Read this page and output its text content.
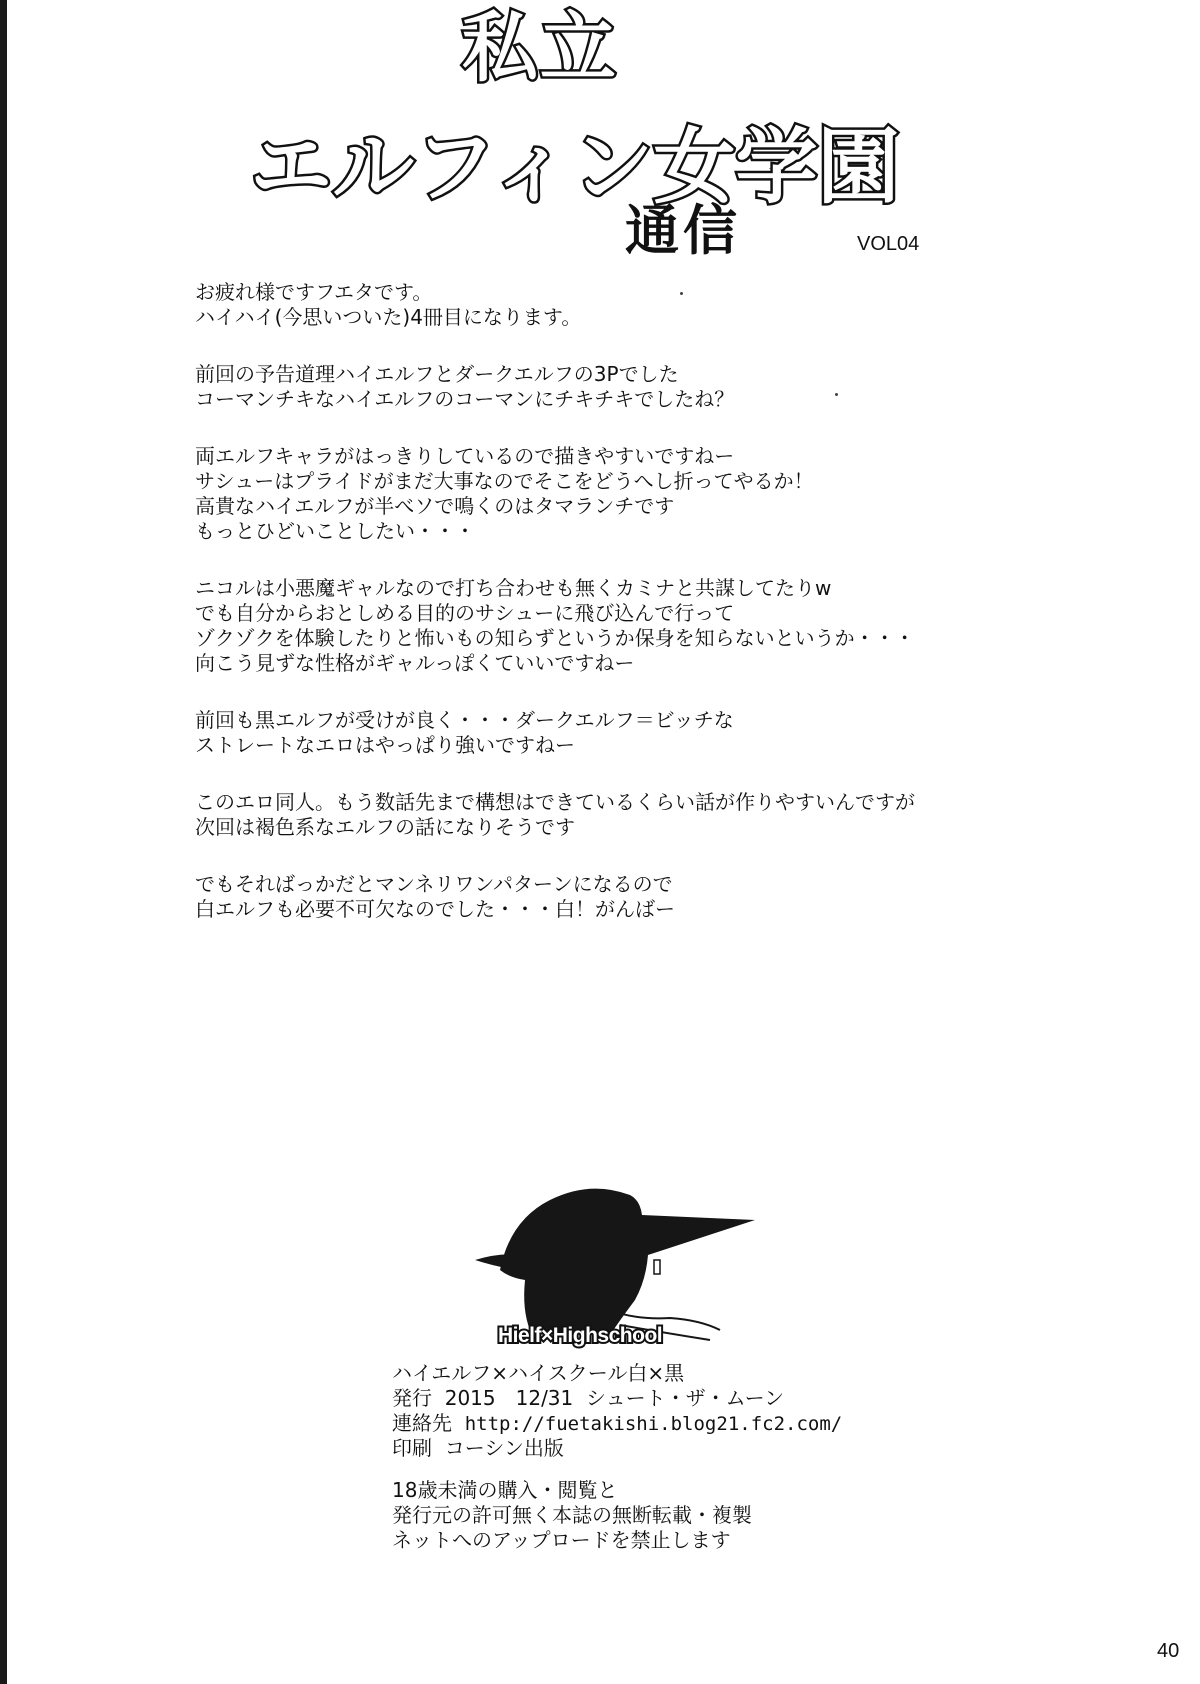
私立
エルフィン女学園
通信	VOL04
お疲れ様ですフエタです。
ハイハイ(今思いついた)4冊目になります。
前回の予告道理ハイエルフとダークエルフの3Pでした
コーマンチキなハイエルフのコーマンにチキチキでしたね？
両エルフキャラがはっきりしているので描きやすいですねー
サシューはプライドがまだ大事なのでそこをどうへし折ってやるか！
高貴なハイエルフが半べソで鳴くのはタマランチです
もっとひどいことしたい・・・
ニコルは小悪魔ギャルなので打ち合わせも無くカミナと共謀してたりw
でも自分からおとしめる目的のサシューに飛び込んで行って
ゾクゾクを体験したりと怖いもの知らずというか保身を知らないというか・・・
向こう見ずな性格がギャルっぽくていいですねー
前回も黒エルフが受けが良く・・・ダークエルフ＝ビッチな
ストレートなエロはやっぱり強いですねー
このエロ同人。もう数話先まで構想はできているくらい話が作りやすいんですが
次回は褐色系なエルフの話になりそうです
でもそればっかだとマンネリワンパターンになるので
白エルフも必要不可欠なのでした・・・白！がんばー
Hielf×Highschool
ハイエルフ×ハイスクール白×黒
発行 2015　12/31 シュート・ザ・ムーン
連絡先 http://fuetakishi.blog21.fc2.com/
印刷 コーシン出版
18歳未満の購入・閲覧と
発行元の許可無く本誌の無断転載・複製
ネットへのアップロードを禁止します
40
